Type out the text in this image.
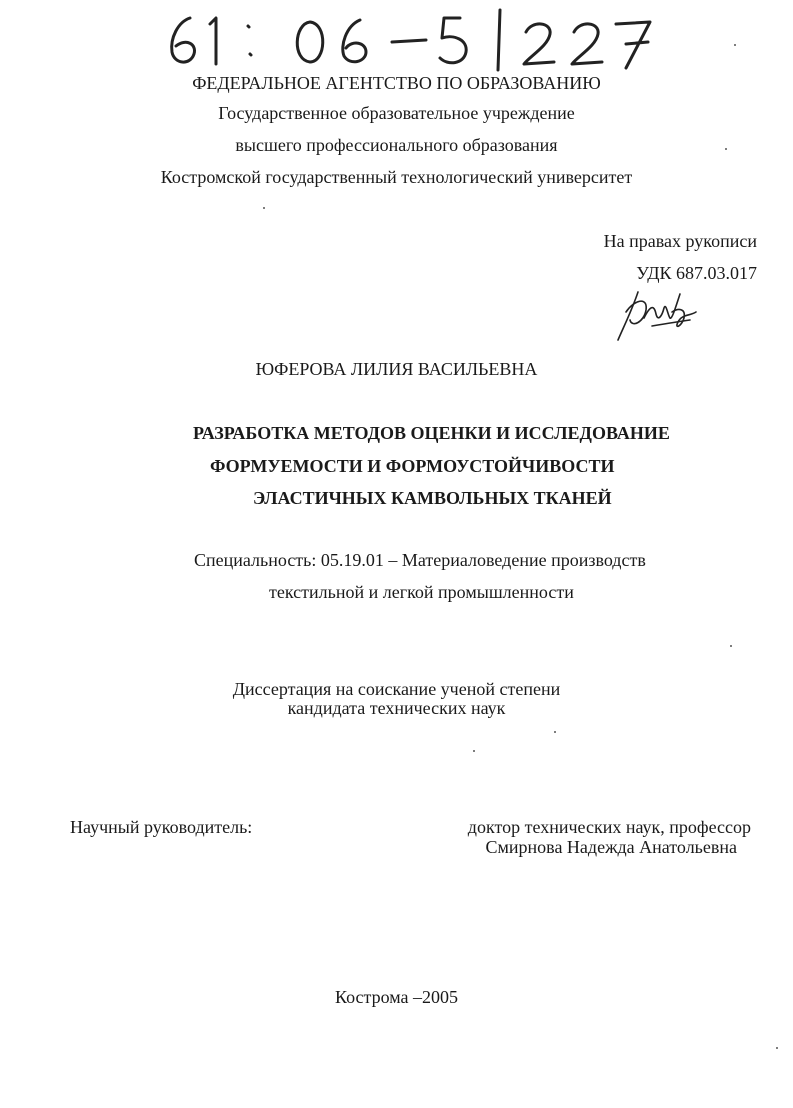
ФЕДЕРАЛЬНОЕ АГЕНТСТВО ПО ОБРАЗОВАНИЮ
Государственное образовательное учреждение
высшего профессионального образования
Костромской государственный технологический университет
На правах рукописи
УДК 687.03.017
ЮФЕРОВА ЛИЛИЯ ВАСИЛЬЕВНА
РАЗРАБОТКА МЕТОДОВ ОЦЕНКИ И ИССЛЕДОВАНИЕ
ФОРМУЕМОСТИ И ФОРМОУСТОЙЧИВОСТИ
ЭЛАСТИЧНЫХ КАМВОЛЬНЫХ ТКАНЕЙ
Специальность: 05.19.01 – Материаловедение производств
текстильной и легкой промышленности
Диссертация на соискание ученой степени
кандидата технических наук
Научный руководитель:	доктор технических наук, профессор
Смирнова Надежда Анатольевна
Кострома –2005
